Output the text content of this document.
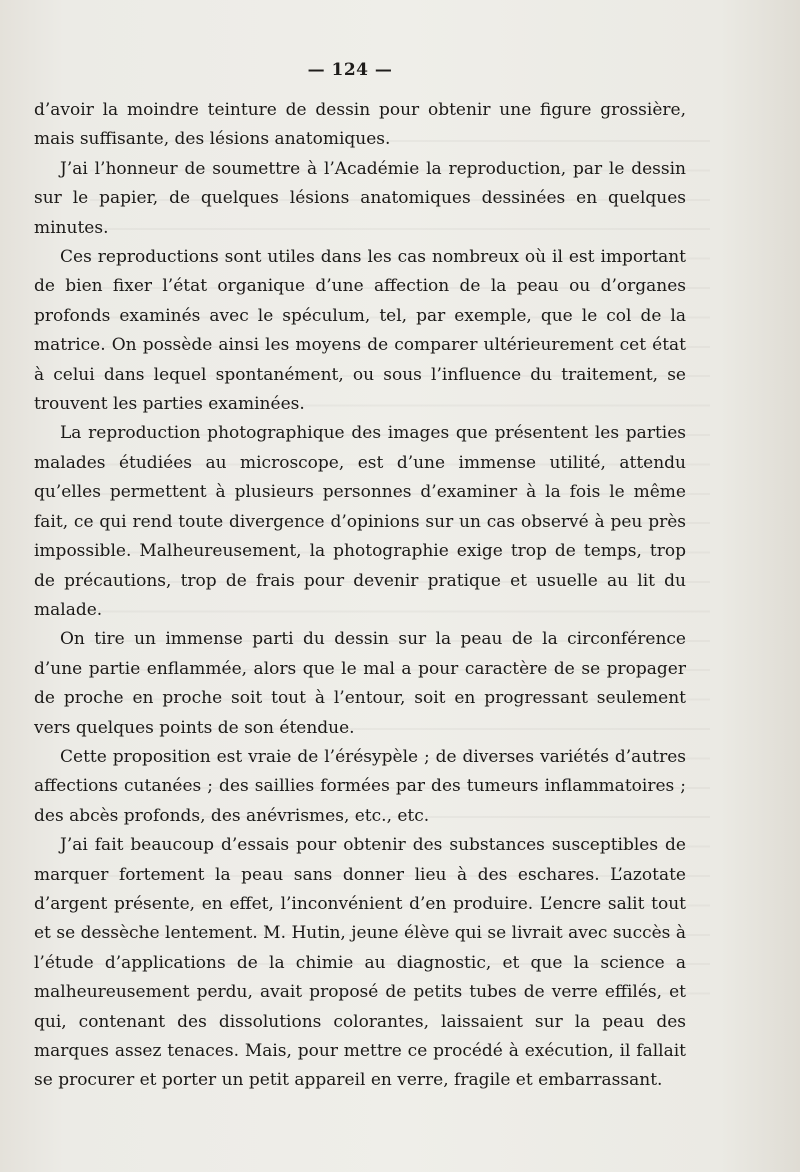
— 124 —

d’avoir la moindre teinture de dessin pour obtenir une figure grossière, mais suffisante, des lésions anatomiques.

J’ai l’honneur de soumettre à l’Académie la reproduction, par le dessin sur le papier, de quelques lésions anatomiques dessinées en quelques minutes.

Ces reproductions sont utiles dans les cas nombreux où il est important de bien fixer l’état organique d’une affection de la peau ou d’organes profonds examinés avec le spéculum, tel, par exemple, que le col de la matrice. On possède ainsi les moyens de comparer ultérieurement cet état à celui dans lequel spontanément, ou sous l’influence du traitement, se trouvent les parties examinées.

La reproduction photographique des images que présentent les parties malades étudiées au microscope, est d’une immense utilité, attendu qu’elles permettent à plusieurs personnes d’examiner à la fois le même fait, ce qui rend toute divergence d’opinions sur un cas observé à peu près impossible. Malheureusement, la photographie exige trop de temps, trop de précautions, trop de frais pour devenir pratique et usuelle au lit du malade.

On tire un immense parti du dessin sur la peau de la circonférence d’une partie enflammée, alors que le mal a pour caractère de se propager de proche en proche soit tout à l’entour, soit en progressant seulement vers quelques points de son étendue.

Cette proposition est vraie de l’érésypèle ; de diverses variétés d’autres affections cutanées ; des saillies formées par des tumeurs inflammatoires ; des abcès profonds, des anévrismes, etc., etc.

J’ai fait beaucoup d’essais pour obtenir des substances susceptibles de marquer fortement la peau sans donner lieu à des eschares. L’azotate d’argent présente, en effet, l’inconvénient d’en produire. L’encre salit tout et se dessèche lentement. M. Hutin, jeune élève qui se livrait avec succès à l’étude d’applications de la chimie au diagnostic, et que la science a malheureusement perdu, avait proposé de petits tubes de verre effilés, et qui, contenant des dissolutions colorantes, laissaient sur la peau des marques assez tenaces. Mais, pour mettre ce procédé à exécution, il fallait se procurer et porter un petit appareil en verre, fragile et embarrassant.
